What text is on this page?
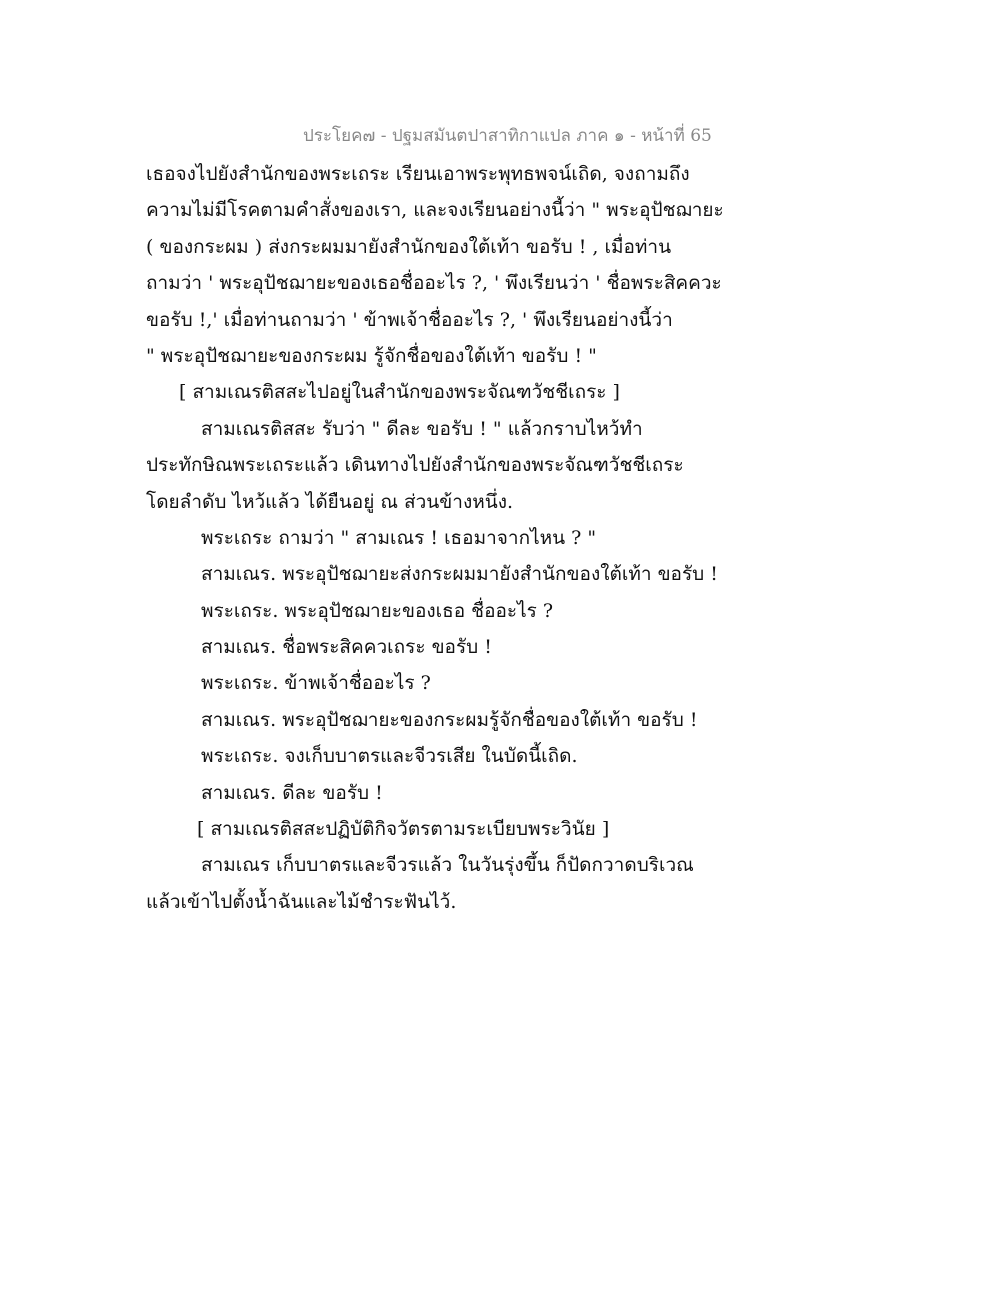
ประโยค๗ - ปฐมสมันตปาสาทิกาแปล ภาค ๑ - หน้าที่ 65
เธอจงไปยังสำนักของพระเถระ เรียนเอาพระพุทธพจน์เถิด, จงถามถึง
ความไม่มีโรคตามคำสั่งของเรา, และจงเรียนอย่างนี้ว่า " พระอุปัชฌายะ
( ของกระผม ) ส่งกระผมมายังสำนักของใต้เท้า ขอรับ ! , เมื่อท่าน
ถามว่า ' พระอุปัชฌายะของเธอชื่ออะไร ?, ' พึงเรียนว่า ' ชื่อพระสิคควะ
ขอรับ !,' เมื่อท่านถามว่า ' ข้าพเจ้าชื่ออะไร ?, ' พึงเรียนอย่างนี้ว่า
" พระอุปัชฌายะของกระผม รู้จักชื่อของใต้เท้า ขอรับ ! "
[ สามเณรติสสะไปอยู่ในสำนักของพระจัณฑวัชชีเถระ ]
สามเณรติสสะ รับว่า " ดีละ ขอรับ ! " แล้วกราบไหว้ทำ
ประทักษิณพระเถระแล้ว เดินทางไปยังสำนักของพระจัณฑวัชชีเถระ
โดยลำดับ ไหว้แล้ว ได้ยืนอยู่ ณ ส่วนข้างหนึ่ง.
พระเถระ ถามว่า " สามเณร ! เธอมาจากไหน ? "
สามเณร. พระอุปัชฌายะส่งกระผมมายังสำนักของใต้เท้า ขอรับ !
พระเถระ. พระอุปัชฌายะของเธอ ชื่ออะไร ?
สามเณร. ชื่อพระสิคควเถระ ขอรับ !
พระเถระ. ข้าพเจ้าชื่ออะไร ?
สามเณร. พระอุปัชฌายะของกระผมรู้จักชื่อของใต้เท้า ขอรับ !
พระเถระ. จงเก็บบาตรและจีวรเสีย ในบัดนี้เถิด.
สามเณร. ดีละ ขอรับ !
[ สามเณรติสสะปฏิบัติกิจวัตรตามระเบียบพระวินัย ]
สามเณร เก็บบาตรและจีวรแล้ว ในวันรุ่งขึ้น ก็ปัดกวาดบริเวณ
แล้วเข้าไปตั้งน้ำฉันและไม้ชำระฟันไว้.
